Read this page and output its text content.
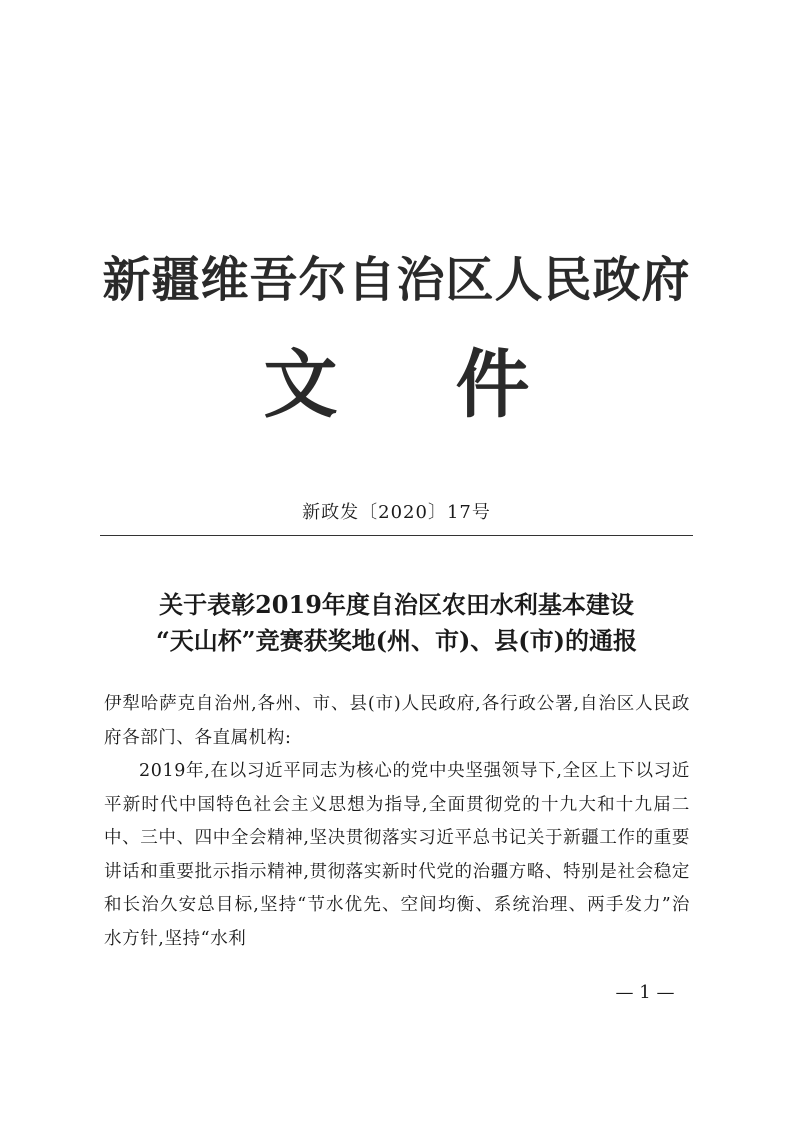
新疆维吾尔自治区人民政府
文件
新政发〔2020〕17号
关于表彰2019年度自治区农田水利基本建设
“天山杯”竞赛获奖地(州、市)、县(市)的通报

伊犁哈萨克自治州,各州、市、县(市)人民政府,各行政公署,自治区人民政府各部门、各直属机构:

2019年,在以习近平同志为核心的党中央坚强领导下,全区上下以习近平新时代中国特色社会主义思想为指导,全面贯彻党的十九大和十九届二中、三中、四中全会精神,坚决贯彻落实习近平总书记关于新疆工作的重要讲话和重要批示指示精神,贯彻落实新时代党的治疆方略、特别是社会稳定和长治久安总目标,坚持“节水优先、空间均衡、系统治理、两手发力”治水方针,坚持“水利

— 1 —
